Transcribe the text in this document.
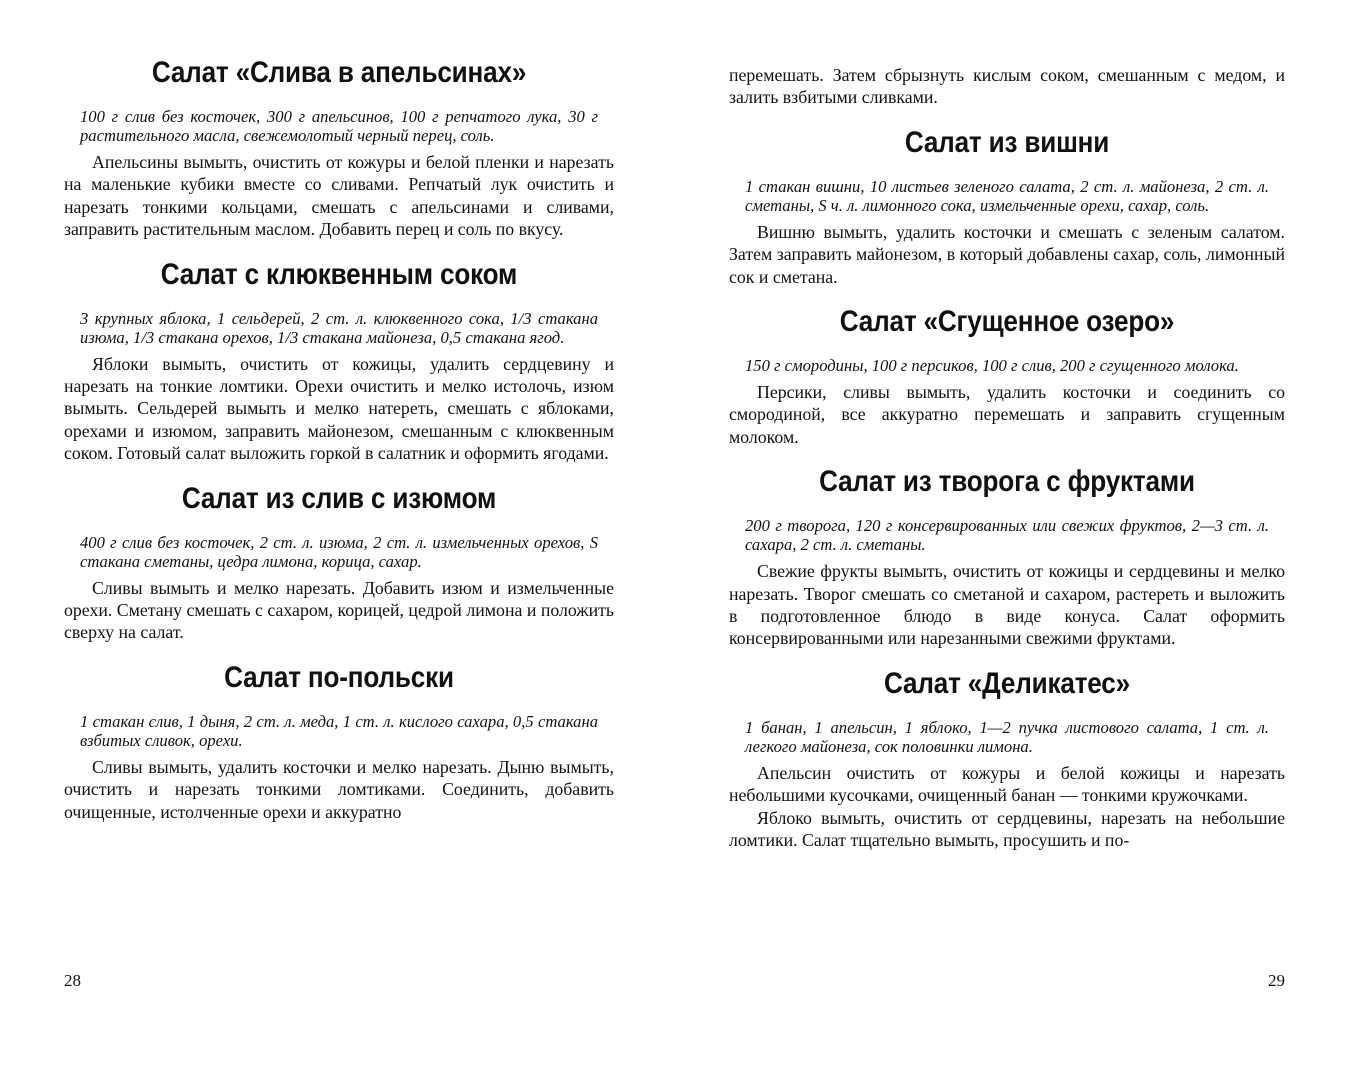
Салат «Слива в апельсинах»

100 г слив без косточек, 300 г апельсинов, 100 г репчатого лука, 30 г растительного масла, свежемолотый черный перец, соль.

Апельсины вымыть, очистить от кожуры и белой пленки и нарезать на маленькие кубики вместе со сливами. Репчатый лук очистить и нарезать тонкими кольцами, смешать с апельсинами и сливами, заправить растительным маслом. Добавить перец и соль по вкусу.

Салат с клюквенным соком

3 крупных яблока, 1 сельдерей, 2 ст. л. клюквенного сока, 1/3 стакана изюма, 1/3 стакана орехов, 1/3 стакана майонеза, 0,5 стакана ягод.

Яблоки вымыть, очистить от кожицы, удалить сердцевину и нарезать на тонкие ломтики. Орехи очистить и мелко истолочь, изюм вымыть. Сельдерей вымыть и мелко натереть, смешать с яблоками, орехами и изюмом, заправить майонезом, смешанным с клюквенным соком. Готовый салат выложить горкой в салатник и оформить ягодами.

Салат из слив с изюмом

400 г слив без косточек, 2 ст. л. изюма, 2 ст. л. измельченных орехов, S стакана сметаны, цедра лимона, корица, сахар.

Сливы вымыть и мелко нарезать. Добавить изюм и измельченные орехи. Сметану смешать с сахаром, корицей, цедрой лимона и положить сверху на салат.

Салат по-польски

1 стакан слив, 1 дыня, 2 ст. л. меда, 1 ст. л. кислого сахара, 0,5 стакана взбитых сливок, орехи.

Сливы вымыть, удалить косточки и мелко нарезать. Дыню вымыть, очистить и нарезать тонкими ломтиками. Соединить, добавить очищенные, истолченные орехи и аккуратно

28

перемешать. Затем сбрызнуть кислым соком, смешанным с медом, и залить взбитыми сливками.

Салат из вишни

1 стакан вишни, 10 листьев зеленого салата, 2 ст. л. майонеза, 2 ст. л. сметаны, S ч. л. лимонного сока, измельченные орехи, сахар, соль.

Вишню вымыть, удалить косточки и смешать с зеленым салатом. Затем заправить майонезом, в который добавлены сахар, соль, лимонный сок и сметана.

Салат «Сгущенное озеро»

150 г смородины, 100 г персиков, 100 г слив, 200 г сгущенного молока.

Персики, сливы вымыть, удалить косточки и соединить со смородиной, все аккуратно перемешать и заправить сгущенным молоком.

Салат из творога с фруктами

200 г творога, 120 г консервированных или свежих фруктов, 2—3 ст. л. сахара, 2 ст. л. сметаны.

Свежие фрукты вымыть, очистить от кожицы и сердцевины и мелко нарезать. Творог смешать со сметаной и сахаром, растереть и выложить в подготовленное блюдо в виде конуса. Салат оформить консервированными или нарезанными свежими фруктами.

Салат «Деликатес»

1 банан, 1 апельсин, 1 яблоко, 1—2 пучка листового салата, 1 ст. л. легкого майонеза, сок половинки лимона.

Апельсин очистить от кожуры и белой кожицы и нарезать небольшими кусочками, очищенный банан — тонкими кружочками.

Яблоко вымыть, очистить от сердцевины, нарезать на небольшие ломтики. Салат тщательно вымыть, просушить и по-

29
